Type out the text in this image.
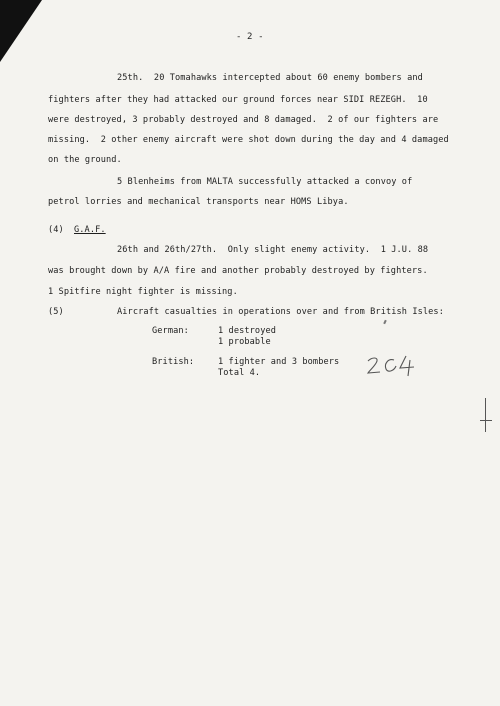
- 2 -
25th.  20 Tomahawks intercepted about 60 enemy bombers and
fighters after they had attacked our ground forces near SIDI REZEGH.  10
were destroyed, 3 probably destroyed and 8 damaged.  2 of our fighters are
missing.  2 other enemy aircraft were shot down during the day and 4 damaged
on the ground.
5 Blenheims from MALTA successfully attacked a convoy of
petrol lorries and mechanical transports near HOMS Libya.
(4) G.A.F.
26th and 26th/27th.  Only slight enemy activity.  1 J.U. 88
was brought down by A/A fire and another probably destroyed by fighters.
1 Spitfire night fighter is missing.
(5)	Aircraft casualties in operations over and from British Isles:
German:	1 destroyed
1 probable
British:	1 fighter and 3 bombers
Total 4.
